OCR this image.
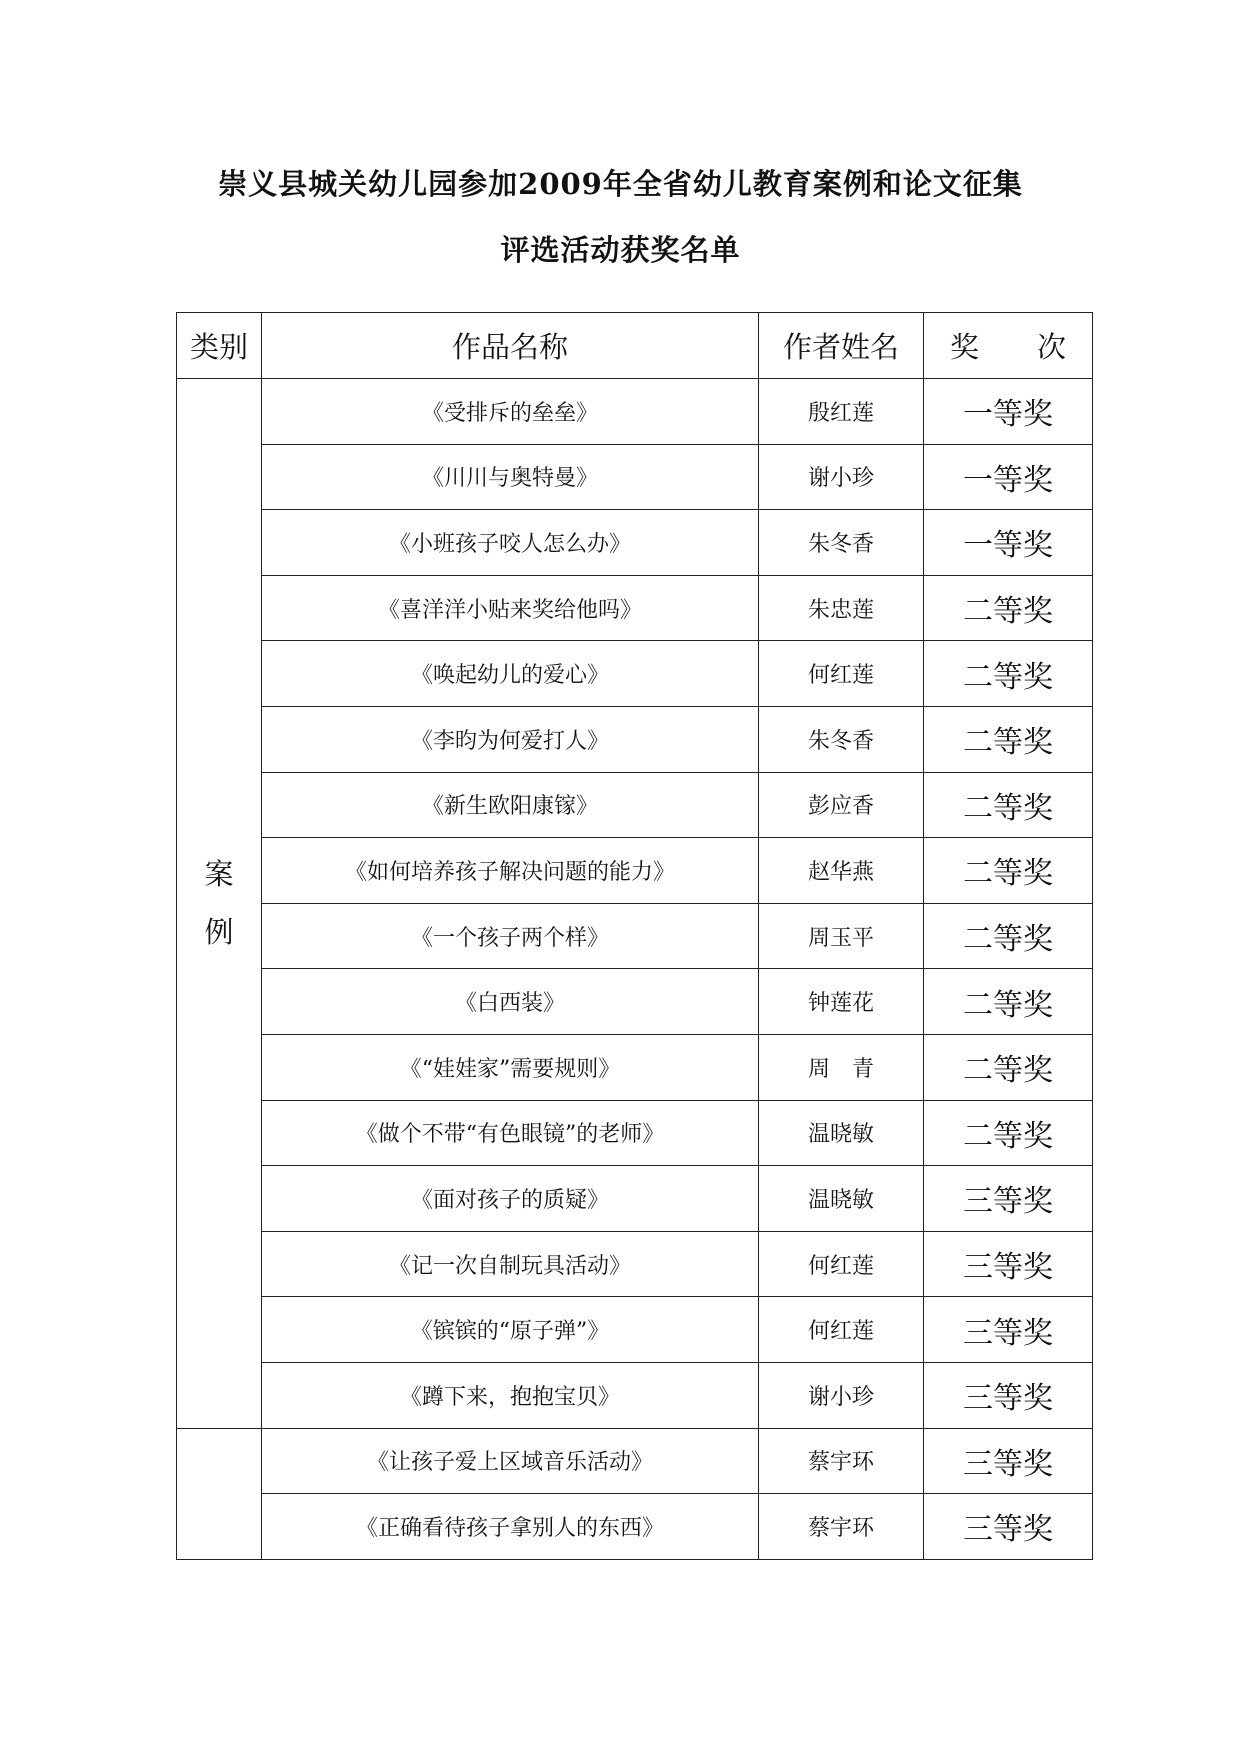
崇义县城关幼儿园参加2009年全省幼儿教育案例和论文征集
评选活动获奖名单
类别	作品名称	作者姓名	奖　　次

案
例	《受排斥的垒垒》	殷红莲	一等奖
	《川川与奥特曼》	谢小珍	一等奖
	《小班孩子咬人怎么办》	朱冬香	一等奖
	《喜洋洋小贴来奖给他吗》	朱忠莲	二等奖
	《唤起幼儿的爱心》	何红莲	二等奖
	《李昀为何爱打人》	朱冬香	二等奖
	《新生欧阳康镓》	彭应香	二等奖
	《如何培养孩子解决问题的能力》	赵华燕	二等奖
	《一个孩子两个样》	周玉平	二等奖
	《白西装》	钟莲花	二等奖
	《“娃娃家”需要规则》	周　青	二等奖
	《做个不带“有色眼镜”的老师》	温晓敏	二等奖
	《面对孩子的质疑》	温晓敏	三等奖
	《记一次自制玩具活动》	何红莲	三等奖
	《镔镔的“原子弹”》	何红莲	三等奖
	《蹲下来，抱抱宝贝》	谢小珍	三等奖
	《让孩子爱上区域音乐活动》	蔡宇环	三等奖
	《正确看待孩子拿别人的东西》	蔡宇环	三等奖
